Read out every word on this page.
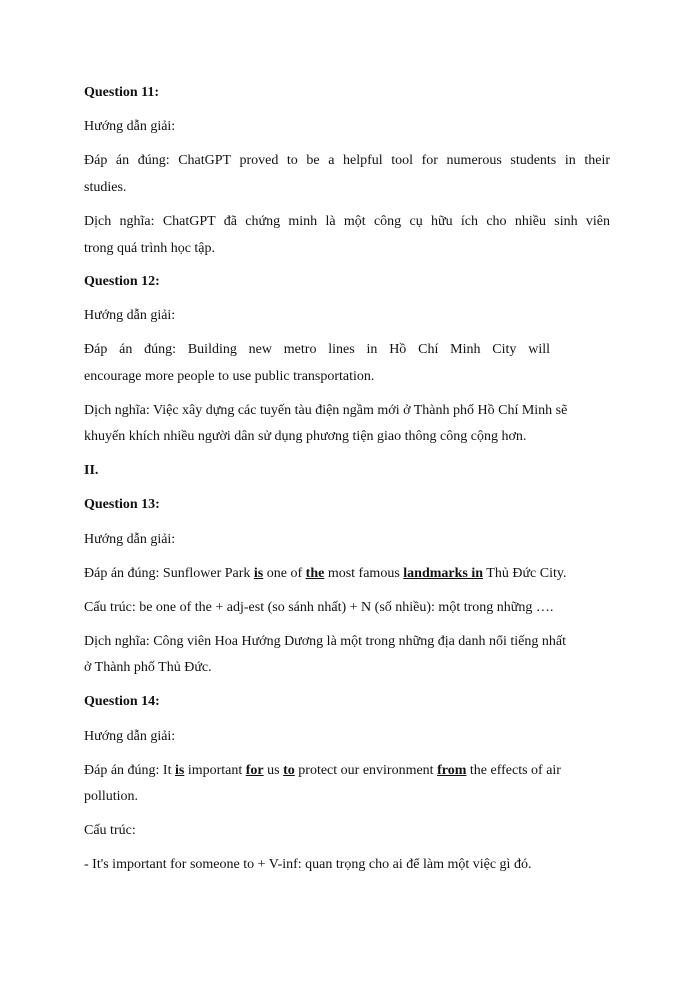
Question 11:
Hướng dẫn giải:
Đáp án đúng: ChatGPT proved to be a helpful tool for numerous students in their
studies.
Dịch nghĩa: ChatGPT đã chứng minh là một công cụ hữu ích cho nhiều sinh viên
trong quá trình học tập.
Question 12:
Hướng dẫn giải:
Đáp án đúng: Building new metro lines in Hồ Chí Minh City will
encourage more people to use public transportation.
Dịch nghĩa: Việc xây dựng các tuyến tàu điện ngầm mới ở Thành phố Hồ Chí Minh sẽ
khuyến khích nhiều người dân sử dụng phương tiện giao thông công cộng hơn.
II.
Question 13:
Hướng dẫn giải:
Đáp án đúng: Sunflower Park is one of the most famous landmarks in Thủ Đức City.
Cấu trúc: be one of the + adj-est (so sánh nhất) + N (số nhiều): một trong những ….
Dịch nghĩa: Công viên Hoa Hướng Dương là một trong những địa danh nổi tiếng nhất
ở Thành phố Thủ Đức.
Question 14:
Hướng dẫn giải:
Đáp án đúng: It is important for us to protect our environment from the effects of air
pollution.
Cấu trúc:
- It's important for someone to + V-inf: quan trọng cho ai để làm một việc gì đó.
